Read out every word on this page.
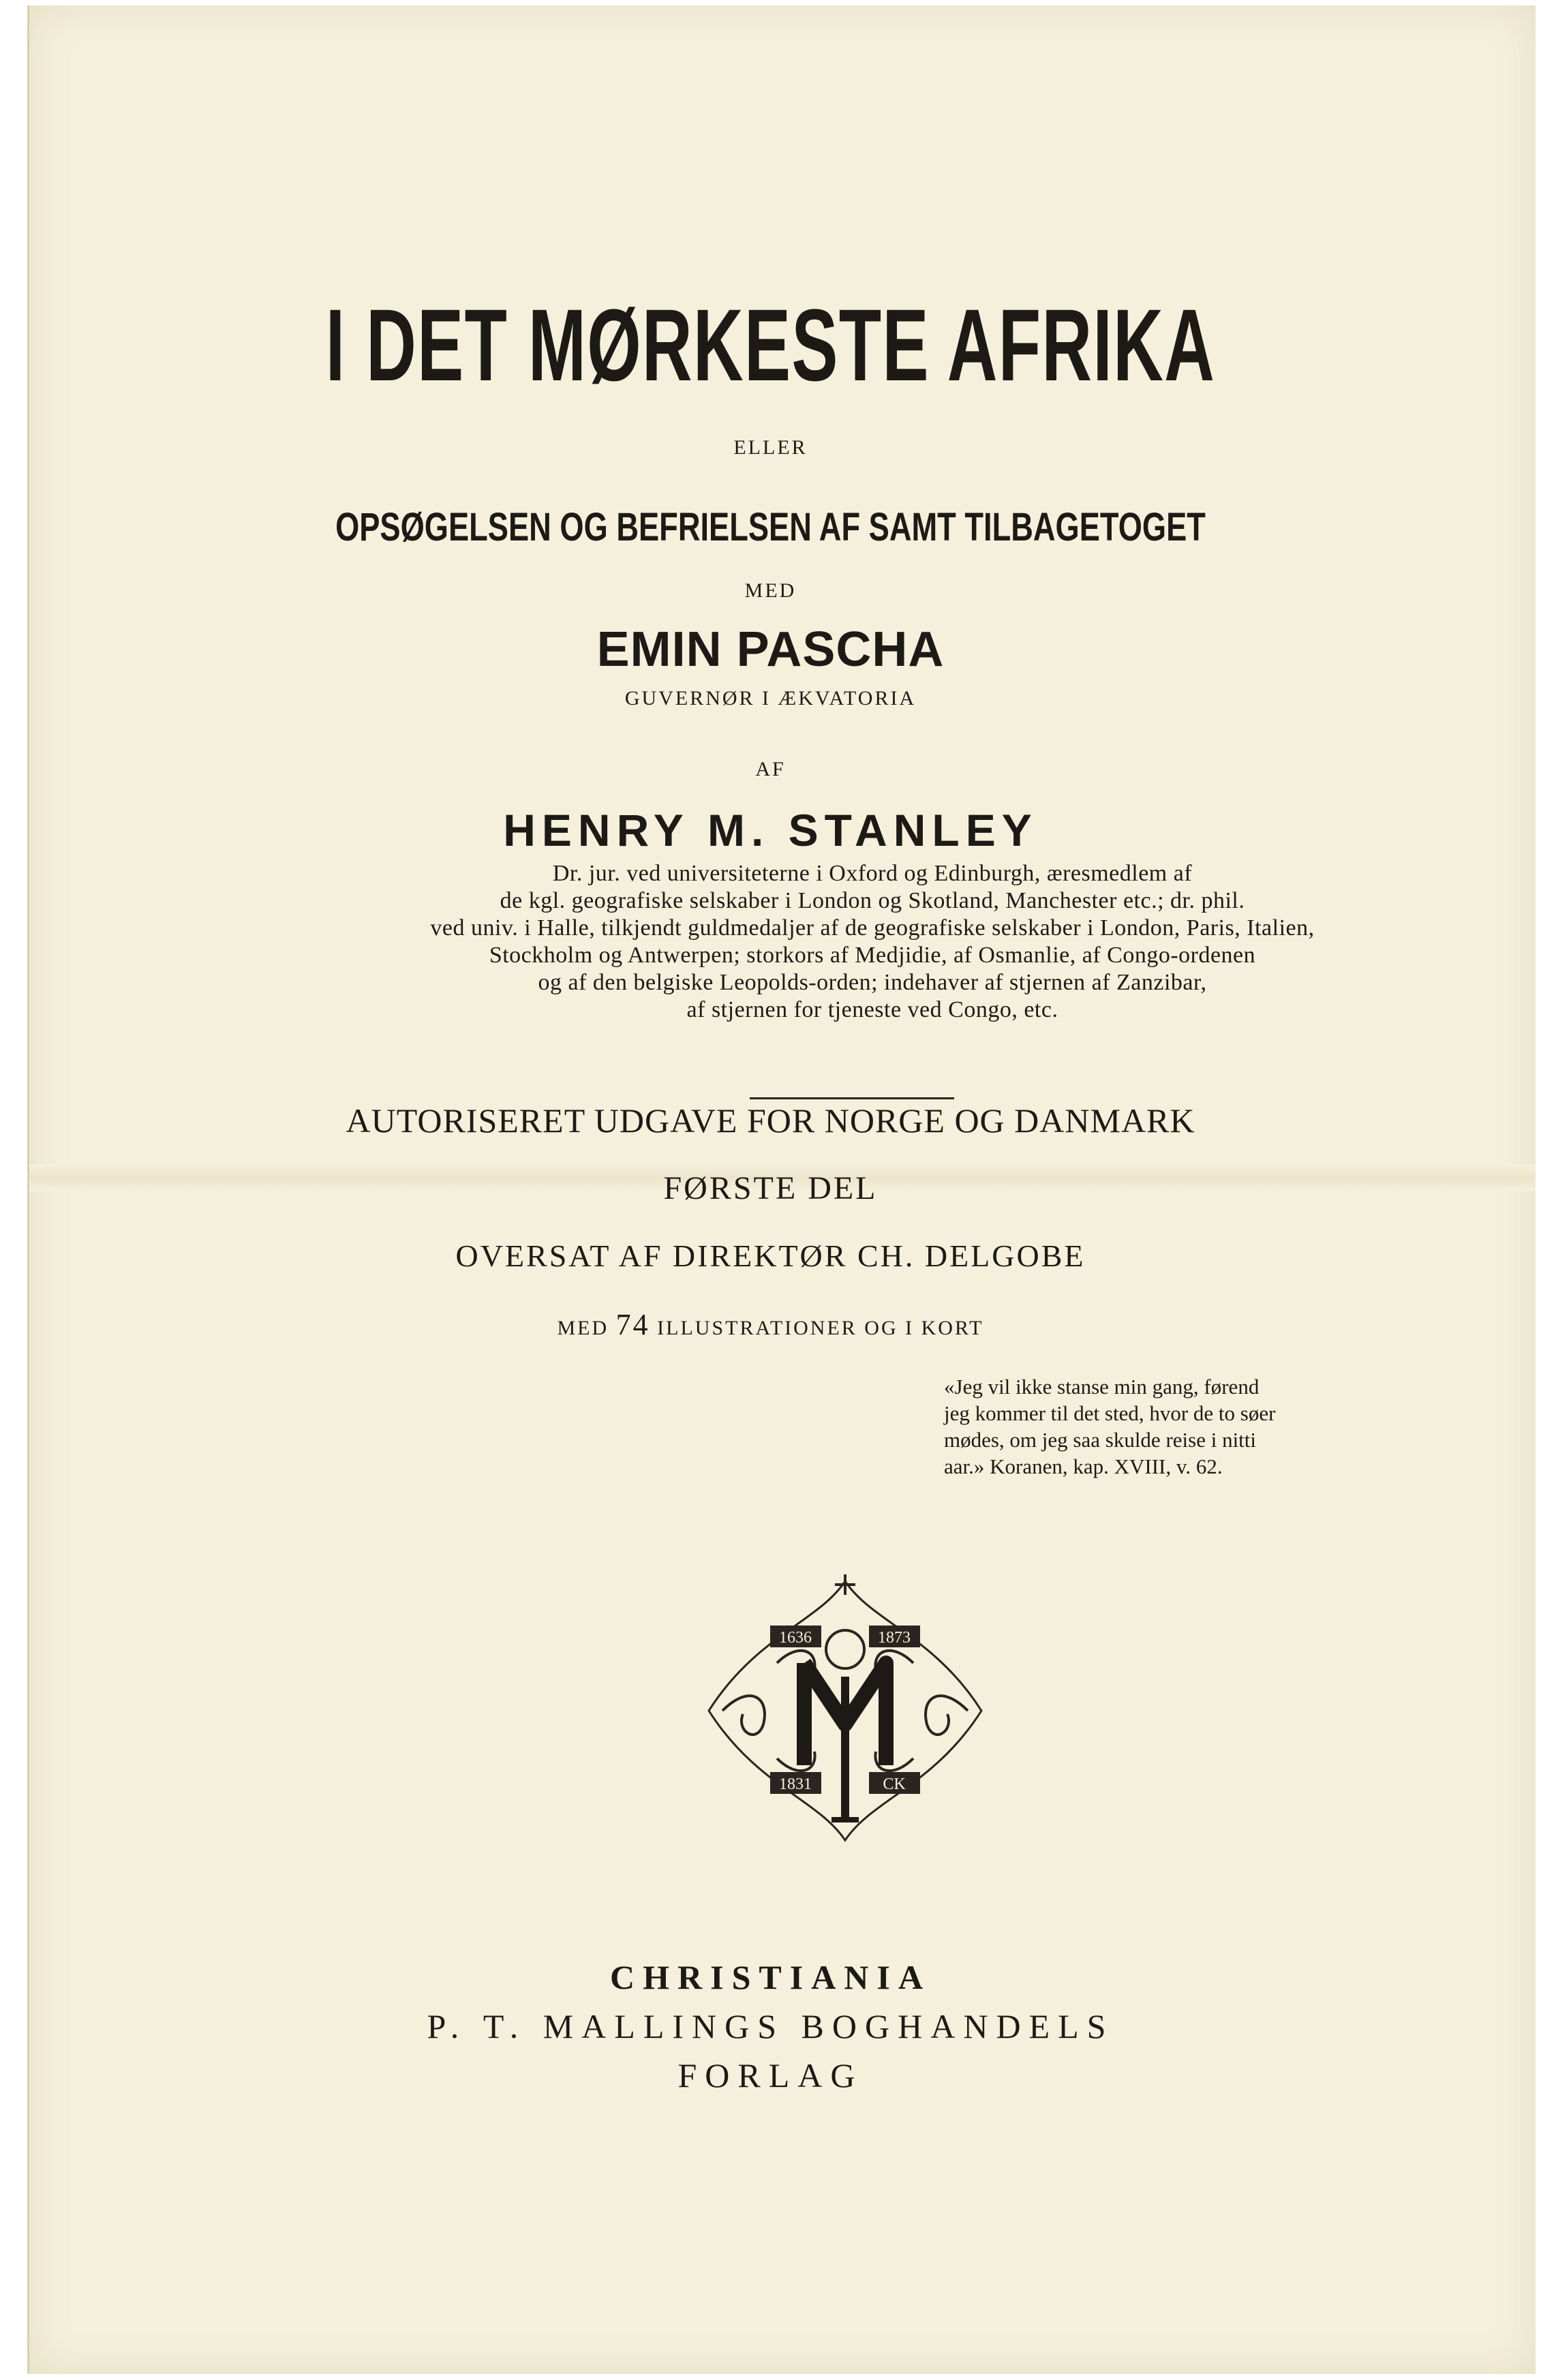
I DET MØRKESTE AFRIKA
ELLER
OPSØGELSEN OG BEFRIELSEN AF SAMT TILBAGETOGET
MED
EMIN PASCHA
GUVERNØR I ÆKVATORIA
AF
HENRY M. STANLEY
Dr. jur. ved universiteterne i Oxford og Edinburgh, æresmedlem af
de kgl. geografiske selskaber i London og Skotland, Manchester etc.; dr. phil.
ved univ. i Halle, tilkjendt guldmedaljer af de geografiske selskaber i London, Paris, Italien,
Stockholm og Antwerpen; storkors af Medjidie, af Osmanlie, af Congo-ordenen
og af den belgiske Leopolds-orden; indehaver af stjernen af Zanzibar,
af stjernen for tjeneste ved Congo, etc.
AUTORISERET UDGAVE FOR NORGE OG DANMARK
FØRSTE DEL
OVERSAT AF DIREKTØR CH. DELGOBE
MED 74 ILLUSTRATIONER OG I KORT
«Jeg vil ikke stanse min gang, førend
jeg kommer til det sted, hvor de to søer
mødes, om jeg saa skulde reise i nitti
aar.» Koranen, kap. XVIII, v. 62.
1636	1873
1831	CK
CHRISTIANIA
P. T. MALLINGS BOGHANDELS
FORLAG
